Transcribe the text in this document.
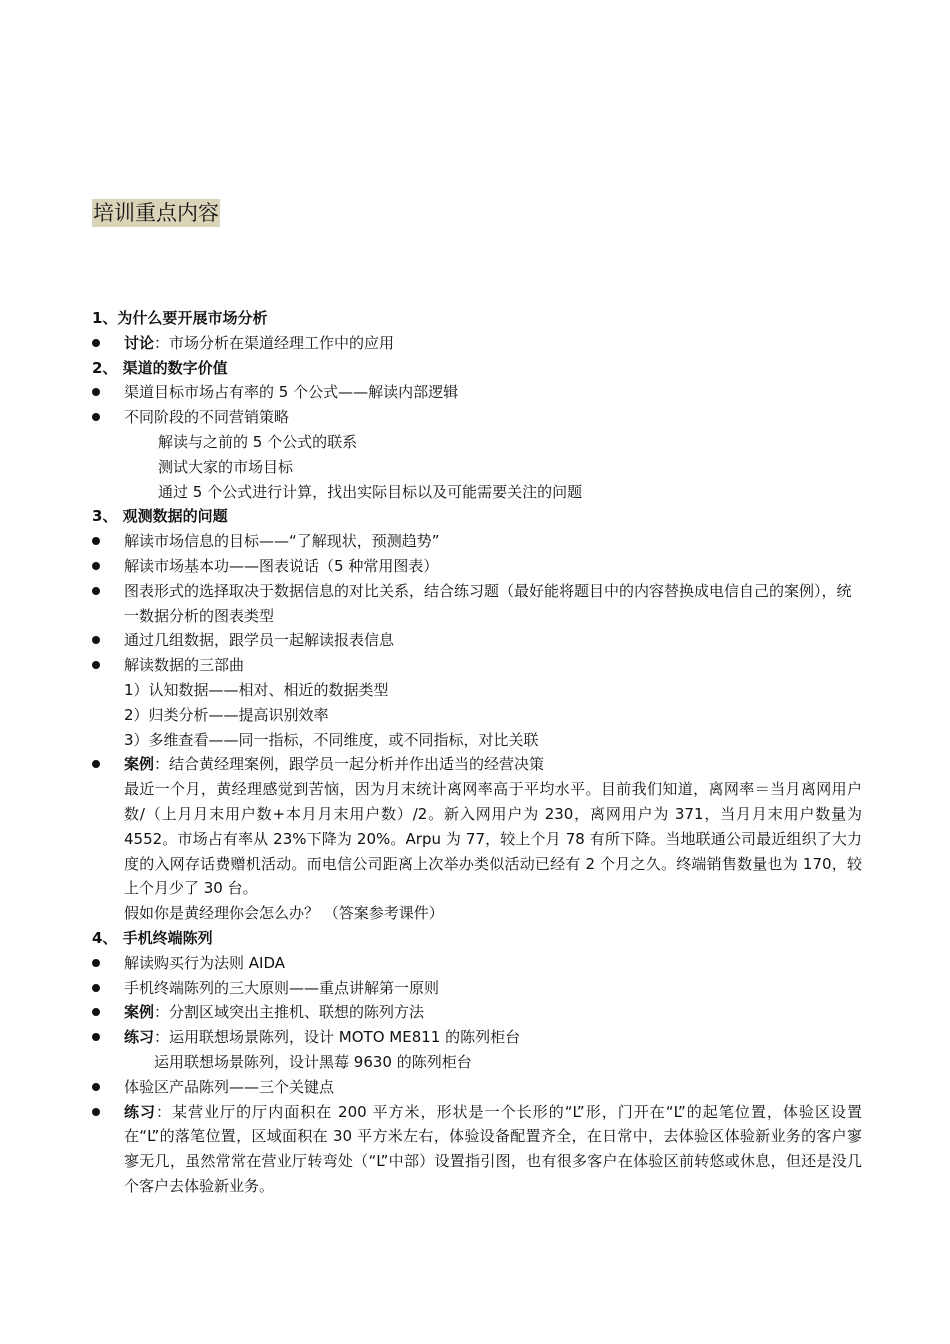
培训重点内容
1、为什么要开展市场分析
讨论：市场分析在渠道经理工作中的应用
2、 渠道的数字价值
渠道目标市场占有率的 5 个公式——解读内部逻辑
不同阶段的不同营销策略
解读与之前的 5 个公式的联系
测试大家的市场目标
通过 5 个公式进行计算，找出实际目标以及可能需要关注的问题
3、 观测数据的问题
解读市场信息的目标——“了解现状，预测趋势”
解读市场基本功——图表说话（5 种常用图表）
图表形式的选择取决于数据信息的对比关系，结合练习题（最好能将题目中的内容替换成电信自己的案例），统一数据分析的图表类型
通过几组数据，跟学员一起解读报表信息
解读数据的三部曲
1）认知数据——相对、相近的数据类型
2）归类分析——提高识别效率
3）多维查看——同一指标，不同维度，或不同指标，对比关联
案例：结合黄经理案例，跟学员一起分析并作出适当的经营决策
最近一个月，黄经理感觉到苦恼，因为月末统计离网率高于平均水平。目前我们知道，离网率＝当月离网用户数/（上月月末用户数+本月月末用户数）/2。新入网用户为 230，离网用户为 371，当月月末用户数量为 4552。市场占有率从 23%下降为 20%。Arpu 为 77，较上个月 78 有所下降。当地联通公司最近组织了大力度的入网存话费赠机活动。而电信公司距离上次举办类似活动已经有 2 个月之久。终端销售数量也为 170，较上个月少了 30 台。
假如你是黄经理你会怎么办？ （答案参考课件）
4、 手机终端陈列
解读购买行为法则 AIDA
手机终端陈列的三大原则——重点讲解第一原则
案例：分割区域突出主推机、联想的陈列方法
练习：运用联想场景陈列，设计 MOTO ME811 的陈列柜台
运用联想场景陈列，设计黑莓 9630 的陈列柜台
体验区产品陈列——三个关键点
练习：某营业厅的厅内面积在 200 平方米，形状是一个长形的“L”形，门开在“L”的起笔位置，体验区设置在“L”的落笔位置，区域面积在 30 平方米左右，体验设备配置齐全，在日常中，去体验区体验新业务的客户寥寥无几，虽然常常在营业厅转弯处（“L”中部）设置指引图，也有很多客户在体验区前转悠或休息，但还是没几个客户去体验新业务。
